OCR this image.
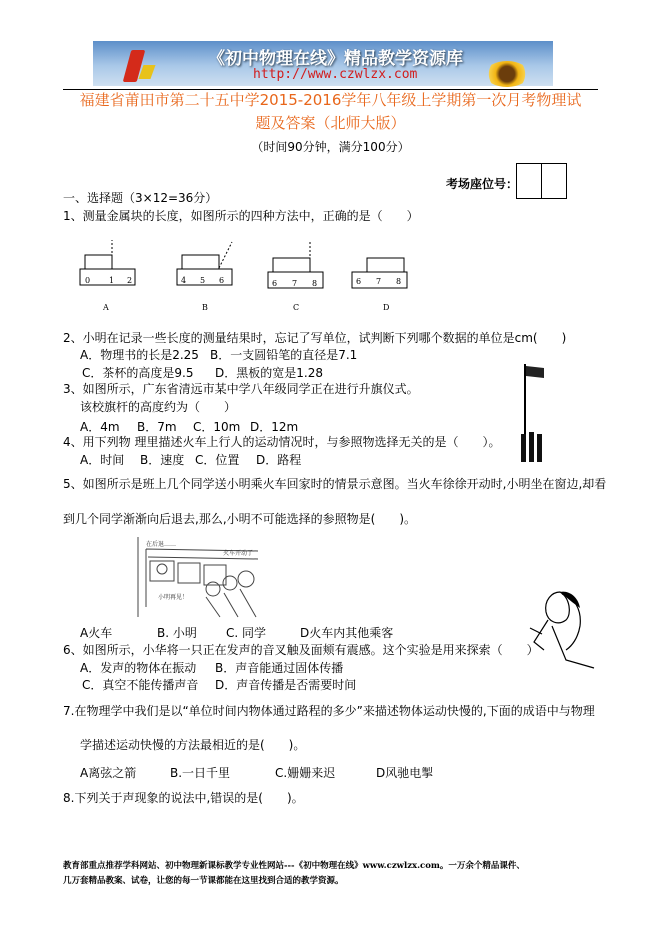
《初中物理在线》精品教学资源库
http://www.czwlzx.com
福建省莆田市第二十五中学2015-2016学年八年级上学期第一次月考物理试
题及答案（北师大版）
（时间90分钟，满分100分）
考场座位号：
一、选择题（3×12=36分）
1、测量金属块的长度，如图所示的四种方法中，正确的是（　　）
0 1 2	4 5 6	6 7 8	6 7 8
A	B	C	D
2、小明在记录一些长度的测量结果时，忘记了写单位，试判断下列哪个数据的单位是cm(　　)
A．物理书的长是2.25 B．一支圆铅笔的直径是7.1
C．茶杯的高度是9.5 D．黑板的宽是1.28
3、如图所示，广东省清远市某中学八年级同学正在进行升旗仪式。
该校旗杆的高度约为（　　）
A．4m B．7m C．10m D．12m
4、用下列物 理里描述火车上行人的运动情况时，与参照物选择无关的是（　　）。
A．时间 B．速度 C．位置 D．路程
5、如图所示是班上几个同学送小明乘火车回家时的情景示意图。当火车徐徐开动时,小明坐在窗边,却看
到几个同学渐渐向后退去,那么,小明不可能选择的参照物是(　　)。
在后退……
火车开动了
小明再见！
A火车	B. 小明 C. 同学	D火车内其他乘客
6、如图所示，小华将一只正在发声的音叉触及面颊有震感。这个实验是用来探索（　　）
A．发声的物体在振动 B．声音能通过固体传播
C．真空不能传播声音 D．声音传播是否需要时间
7.在物理学中我们是以“单位时间内物体通过路程的多少”来描述物体运动快慢的,下面的成语中与物理
学描述运动快慢的方法最相近的是(　　)。
A离弦之箭	B.一日千里	C.姗姗来迟	D风驰电掣
8.下列关于声现象的说法中,错误的是(　　)。
教育部重点推荐学科网站、初中物理新课标教学专业性网站---《初中物理在线》www.czwlzx.com。一万余个精品课件、
几万套精品教案、试卷，让您的每一节课都能在这里找到合适的教学资源。
